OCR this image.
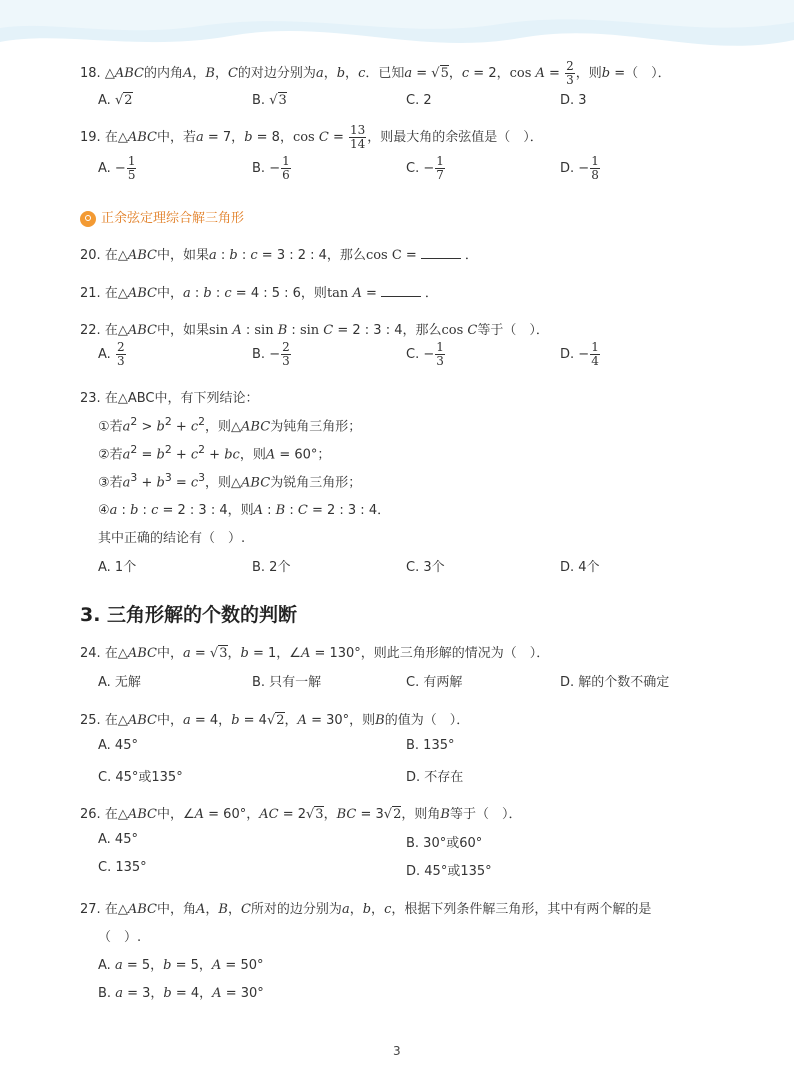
18. △ABC的内角A，B，C的对边分别为a，b，c．已知a = √5，c = 2，$\cos A = \frac{2}{3}$ ，则b =（　）．
A. √2	B. √3	C. 2	D. 3
19. 在△ABC中，若a = 7，b = 8，$\cos C = \frac{13}{14}$ ，则最大角的余弦值是（　）．
A. − $\frac{1}{5}$	B. − $\frac{1}{6}$	C. − $\frac{1}{7}$	D. − $\frac{1}{8}$
正余弦定理综合解三角形
20. 在△ABC中，如果a : b : c = 3 : 2 : 4，那么cos C =	．
21. 在△ABC中，a : b : c = 4 : 5 : 6，则tan A =	．
22. 在△ABC中，如果sin A : sin B : sin C = 2 : 3 : 4，那么cos C等于（　）．
A. $\frac{2}{3}$	B. − $\frac{2}{3}$	C. − $\frac{1}{3}$	D. − $\frac{1}{4}$
23. 在△ABC中，有下列结论：
①若$a^2 > b^2 + c^2$，则△ABC为钝角三角形；
②若$a^2 = b^2 + c^2$ + bc，则A = 60°；
③若$a^3 + b^3 = c^3$，则△ABC为锐角三角形；
④a : b : c = 2 : 3 : 4，则A : B : C = 2 : 3 : 4．
其中正确的结论有（　）.
A. 1个	B. 2个	C. 3个	D. 4个
3. 三角形解的个数的判断
24. 在△ABC中，a = √3，b = 1，∠A = 130°，则此三角形解的情况为（　）．
A. 无解	B. 只有一解	C. 有两解	D. 解的个数不确定
25. 在△ABC中，a = 4，b = 4√2，A = 30°，则B的值为（　）．
A. 45°	B. 135°
C. 45°或135°	D. 不存在
26. 在△ABC中，∠A = 60°，AC = 2√3，BC = 3√2，则角B等于（　）．
A. 45°	B. 30°或60°
C. 135°	D. 45°或135°
27. 在△ABC中，角A，B，C所对的边分别为a，b，c，根据下列条件解三角形，其中有两个解的是
（　）.
A. a = 5，b = 5，A = 50°
B. a = 3，b = 4，A = 30°
3
